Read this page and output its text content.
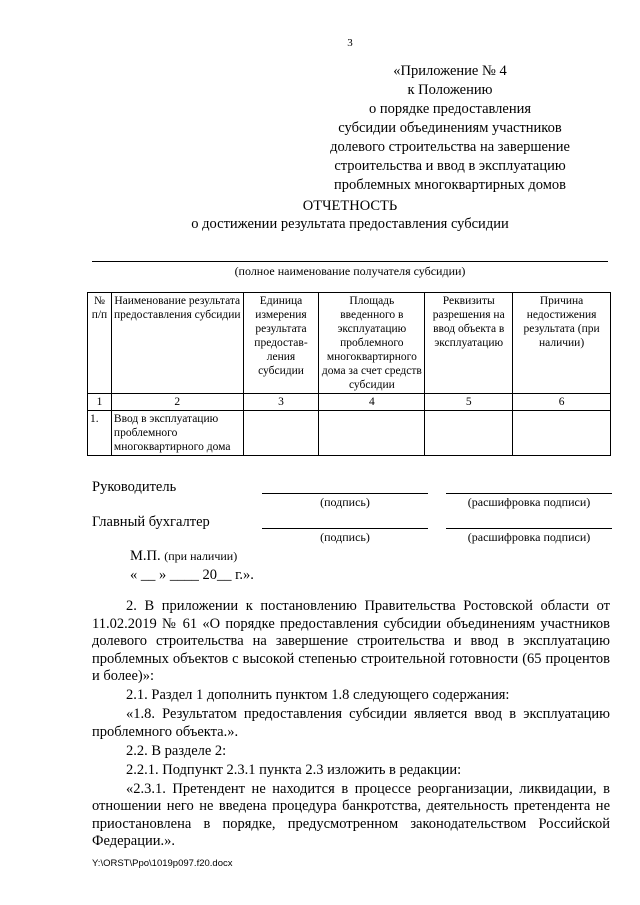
3
«Приложение № 4
к Положению
о порядке предоставления
субсидии объединениям участников
долевого строительства на завершение
строительства и ввод в эксплуатацию
проблемных многоквартирных домов
ОТЧЕТНОСТЬ
о достижении результата предоставления субсидии
(полное наименование получателя субсидии)
№ п/п	Наименование результата предоставления субсидии	Единица измерения результата предостав-ления субсидии	Площадь введенного в эксплуатацию проблемного многоквартирного дома за счет средств субсидии	Реквизиты разрешения на ввод объекта в эксплуатацию	Причина недостижения результата (при наличии)
1	2	3	4	5	6
1.	Ввод в эксплуатацию проблемного многоквартирного дома				
Руководитель
(подпись)	(расшифровка подписи)
Главный бухгалтер
(подпись)	(расшифровка подписи)
М.П. (при наличии)
« __ » ____ 20__ г.».

2. В приложении к постановлению Правительства Ростовской области от 11.02.2019 № 61 «О порядке предоставления субсидии объединениям участников долевого строительства на завершение строительства и ввод в эксплуатацию проблемных объектов с высокой степенью строительной готовности (65 процентов и более)»:

2.1. Раздел 1 дополнить пунктом 1.8 следующего содержания:

«1.8. Результатом предоставления субсидии является ввод в эксплуатацию проблемного объекта.».

2.2. В разделе 2:

2.2.1. Подпункт 2.3.1 пункта 2.3 изложить в редакции:

«2.3.1. Претендент не находится в процессе реорганизации, ликвидации, в отношении него не введена процедура банкротства, деятельность претендента не приостановлена в порядке, предусмотренном законодательством Российской Федерации.».

Y:\ORST\Ppo\1019p097.f20.docx
